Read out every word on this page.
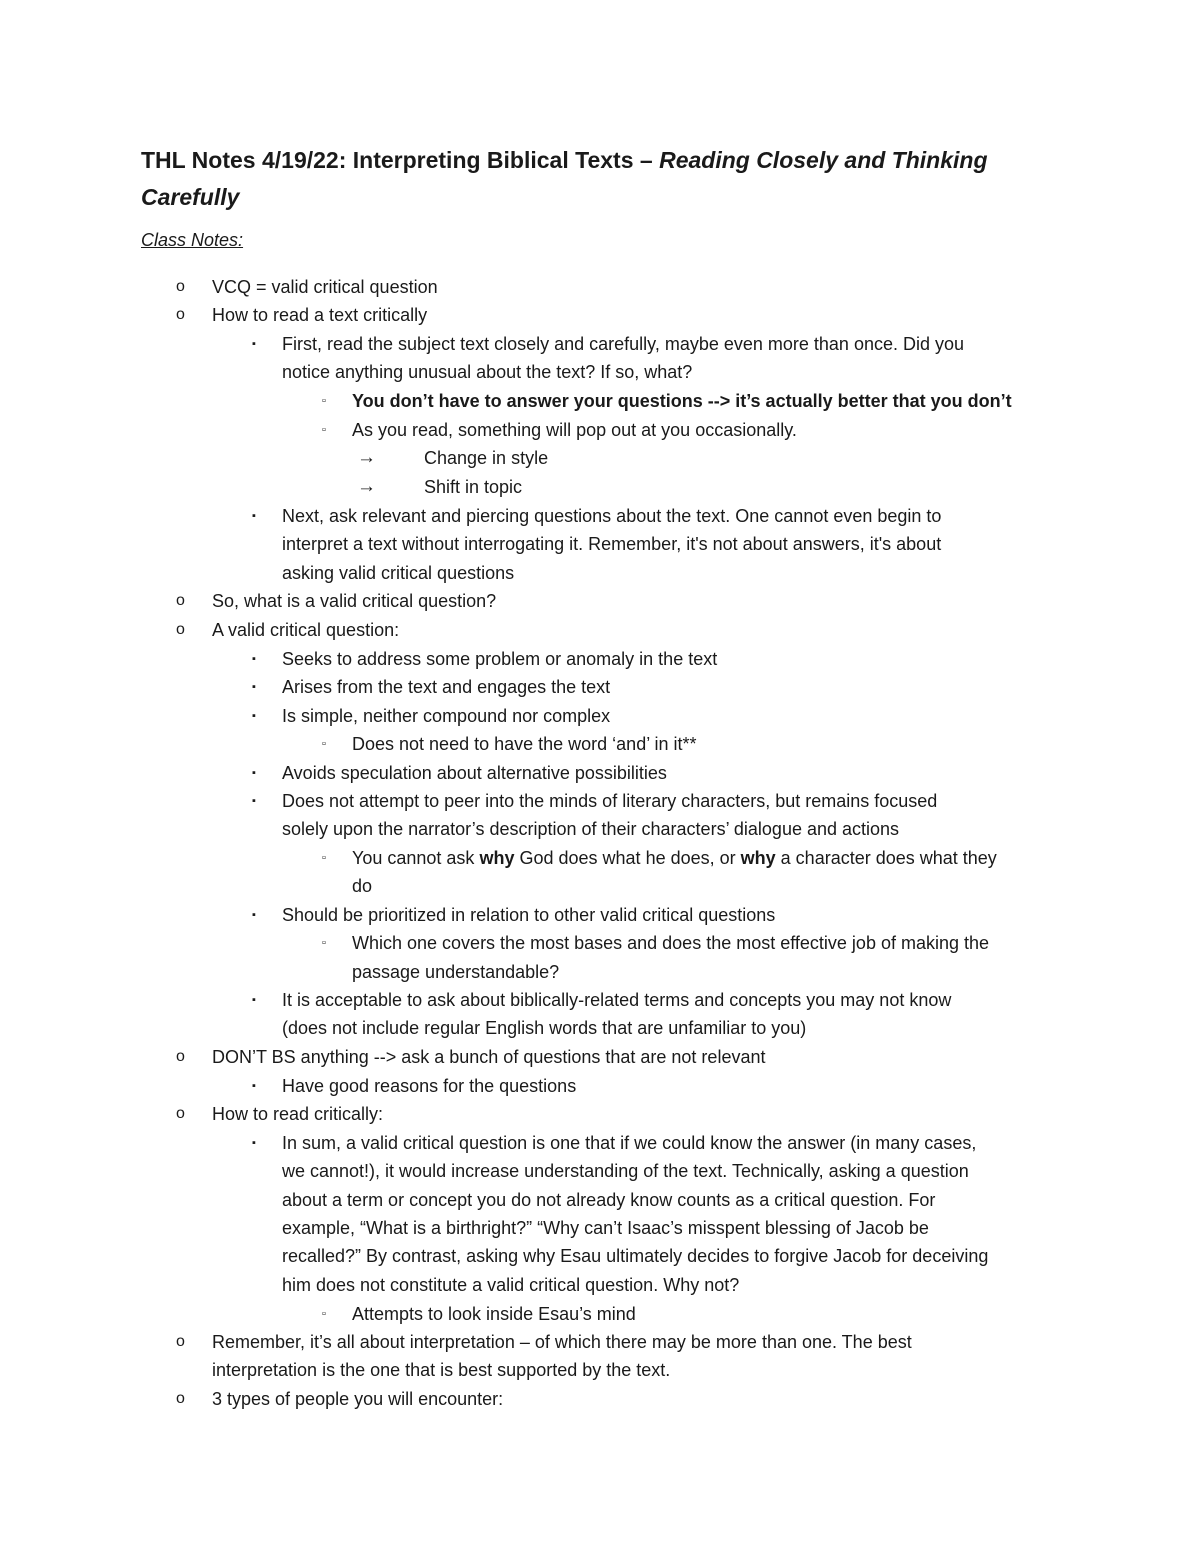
THL Notes 4/19/22: Interpreting Biblical Texts – Reading Closely and Thinking
Carefully
Class Notes:
o VCQ = valid critical question
o How to read a text critically
▪ First, read the subject text closely and carefully, maybe even more than once. Did you
notice anything unusual about the text? If so, what?
▫ You don’t have to answer your questions --> it’s actually better that you don’t
▫ As you read, something will pop out at you occasionally.
→	Change in style
→	Shift in topic
▪ Next, ask relevant and piercing questions about the text. One cannot even begin to
interpret a text without interrogating it. Remember, it's not about answers, it's about
asking valid critical questions
o So, what is a valid critical question?
o A valid critical question:
▪ Seeks to address some problem or anomaly in the text
▪ Arises from the text and engages the text
▪ Is simple, neither compound nor complex
▫ Does not need to have the word ‘and’ in it**
▪ Avoids speculation about alternative possibilities
▪ Does not attempt to peer into the minds of literary characters, but remains focused
solely upon the narrator’s description of their characters’ dialogue and actions
▫ You cannot ask why God does what he does, or why a character does what they
do
▪ Should be prioritized in relation to other valid critical questions
▫ Which one covers the most bases and does the most effective job of making the
passage understandable?
▪ It is acceptable to ask about biblically-related terms and concepts you may not know
(does not include regular English words that are unfamiliar to you)
o DON’T BS anything --> ask a bunch of questions that are not relevant
▪ Have good reasons for the questions
o How to read critically:
▪ In sum, a valid critical question is one that if we could know the answer (in many cases,
we cannot!), it would increase understanding of the text. Technically, asking a question
about a term or concept you do not already know counts as a critical question. For
example, “What is a birthright?” “Why can’t Isaac’s misspent blessing of Jacob be
recalled?” By contrast, asking why Esau ultimately decides to forgive Jacob for deceiving
him does not constitute a valid critical question. Why not?
▫ Attempts to look inside Esau’s mind
o Remember, it’s all about interpretation – of which there may be more than one. The best
interpretation is the one that is best supported by the text.
o 3 types of people you will encounter:
